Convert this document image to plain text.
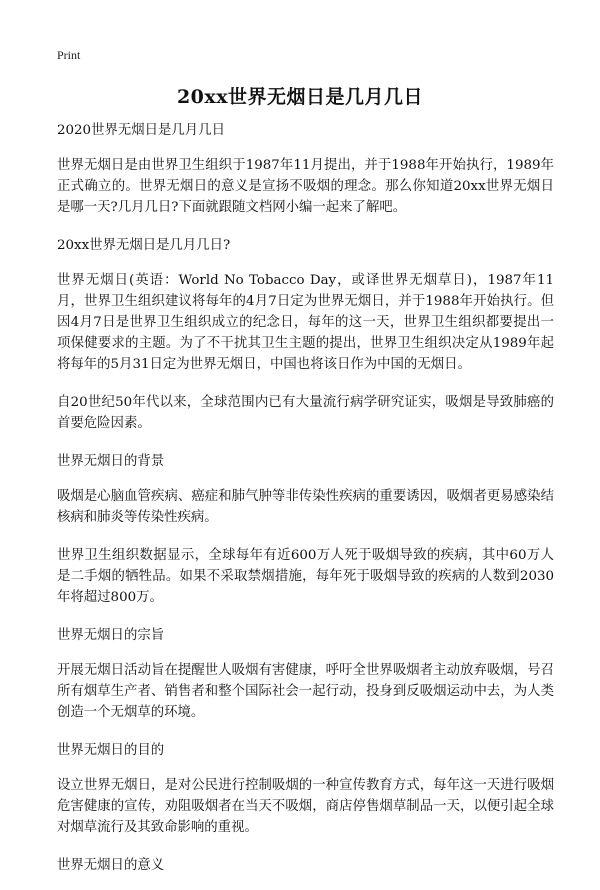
Print
20xx世界无烟日是几月几日

2020世界无烟日是几月几日

世界无烟日是由世界卫生组织于1987年11月提出，并于1988年开始执行，1989年正式确立的。世界无烟日的意义是宣扬不吸烟的理念。那么你知道20xx世界无烟日是哪一天?几月几日?下面就跟随文档网小编一起来了解吧。

20xx世界无烟日是几月几日?

世界无烟日(英语：World No Tobacco Day，或译世界无烟草日)，1987年11月，世界卫生组织建议将每年的4月7日定为世界无烟日，并于1988年开始执行。但因4月7日是世界卫生组织成立的纪念日，每年的这一天，世界卫生组织都要提出一项保健要求的主题。为了不干扰其卫生主题的提出，世界卫生组织决定从1989年起将每年的5月31日定为世界无烟日，中国也将该日作为中国的无烟日。

自20世纪50年代以来，全球范围内已有大量流行病学研究证实，吸烟是导致肺癌的首要危险因素。

世界无烟日的背景

吸烟是心脑血管疾病、癌症和肺气肿等非传染性疾病的重要诱因，吸烟者更易感染结核病和肺炎等传染性疾病。

世界卫生组织数据显示，全球每年有近600万人死于吸烟导致的疾病，其中60万人是二手烟的牺牲品。如果不采取禁烟措施，每年死于吸烟导致的疾病的人数到2030年将超过800万。

世界无烟日的宗旨

开展无烟日活动旨在提醒世人吸烟有害健康，呼吁全世界吸烟者主动放弃吸烟，号召所有烟草生产者、销售者和整个国际社会一起行动，投身到反吸烟运动中去，为人类创造一个无烟草的环境。

世界无烟日的目的

设立世界无烟日，是对公民进行控制吸烟的一种宣传教育方式，每年这一天进行吸烟危害健康的宣传，劝阻吸烟者在当天不吸烟，商店停售烟草制品一天，以便引起全球对烟草流行及其致命影响的重视。

世界无烟日的意义
